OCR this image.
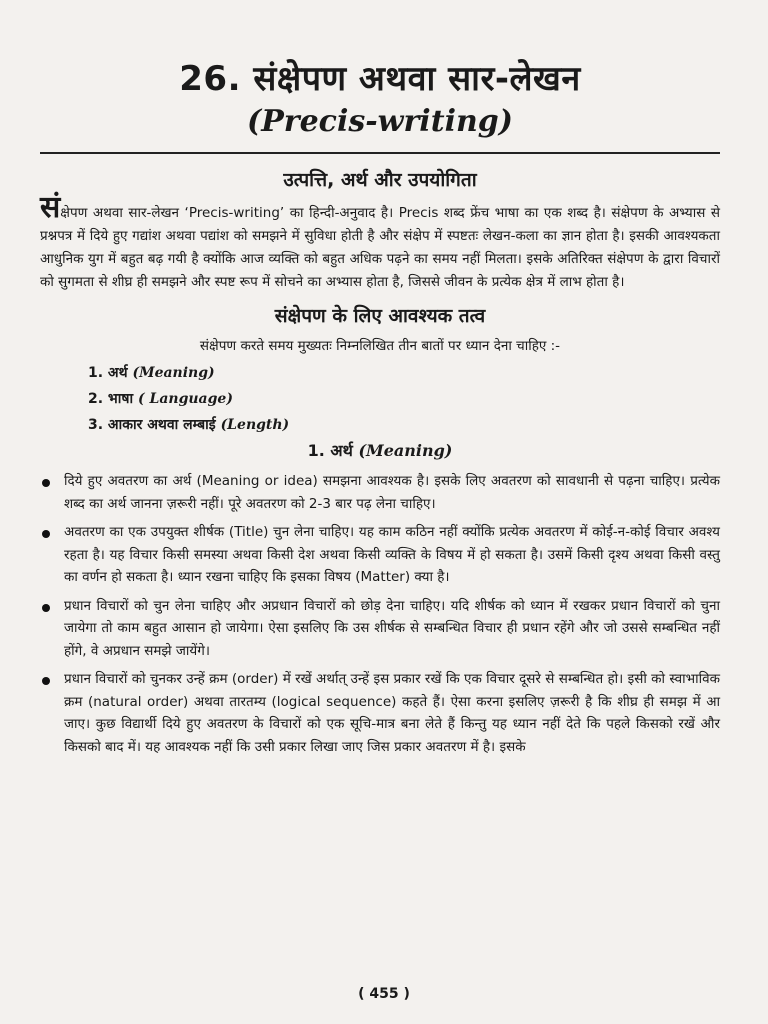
26. संक्षेपण अथवा सार-लेखन
(Precis-writing)
उत्पत्ति, अर्थ और उपयोगिता

संक्षेपण अथवा सार-लेखन ‘Precis-writing’ का हिन्दी-अनुवाद है। Precis शब्द फ्रेंच भाषा का एक शब्द है। संक्षेपण के अभ्यास से प्रश्नपत्र में दिये हुए गद्यांश अथवा पद्यांश को समझने में सुविधा होती है और संक्षेप में स्पष्टतः लेखन-कला का ज्ञान होता है। इसकी आवश्यकता आधुनिक युग में बहुत बढ़ गयी है क्योंकि आज व्यक्ति को बहुत अधिक पढ़ने का समय नहीं मिलता। इसके अतिरिक्त संक्षेपण के द्वारा विचारों को सुगमता से शीघ्र ही समझने और स्पष्ट रूप में सोचने का अभ्यास होता है, जिससे जीवन के प्रत्येक क्षेत्र में लाभ होता है।

संक्षेपण के लिए आवश्यक तत्व

संक्षेपण करते समय मुख्यतः निम्नलिखित तीन बातों पर ध्यान देना चाहिए :-

1. अर्थ (Meaning)
2. भाषा ( Language)
3. आकार अथवा लम्बाई (Length)
1. अर्थ (Meaning)
दिये हुए अवतरण का अर्थ (Meaning or idea) समझना आवश्यक है। इसके लिए अवतरण को सावधानी से पढ़ना चाहिए। प्रत्येक शब्द का अर्थ जानना ज़रूरी नहीं। पूरे अवतरण को 2-3 बार पढ़ लेना चाहिए।
अवतरण का एक उपयुक्त शीर्षक (Title) चुन लेना चाहिए। यह काम कठिन नहीं क्योंकि प्रत्येक अवतरण में कोई-न-कोई विचार अवश्य रहता है। यह विचार किसी समस्या अथवा किसी देश अथवा किसी व्यक्ति के विषय में हो सकता है। उसमें किसी दृश्य अथवा किसी वस्तु का वर्णन हो सकता है। ध्यान रखना चाहिए कि इसका विषय (Matter) क्या है।
प्रधान विचारों को चुन लेना चाहिए और अप्रधान विचारों को छोड़ देना चाहिए। यदि शीर्षक को ध्यान में रखकर प्रधान विचारों को चुना जायेगा तो काम बहुत आसान हो जायेगा। ऐसा इसलिए कि उस शीर्षक से सम्बन्धित विचार ही प्रधान रहेंगे और जो उससे सम्बन्धित नहीं होंगे, वे अप्रधान समझे जायेंगे।
प्रधान विचारों को चुनकर उन्हें क्रम (order) में रखें अर्थात् उन्हें इस प्रकार रखें कि एक विचार दूसरे से सम्बन्धित हो। इसी को स्वाभाविक क्रम (natural order) अथवा तारतम्य (logical sequence) कहते हैं। ऐसा करना इसलिए ज़रूरी है कि शीघ्र ही समझ में आ जाए। कुछ विद्यार्थी दिये हुए अवतरण के विचारों को एक सूचि-मात्र बना लेते हैं किन्तु यह ध्यान नहीं देते कि पहले किसको रखें और किसको बाद में। यह आवश्यक नहीं कि उसी प्रकार लिखा जाए जिस प्रकार अवतरण में है। इसके
( 455 )
